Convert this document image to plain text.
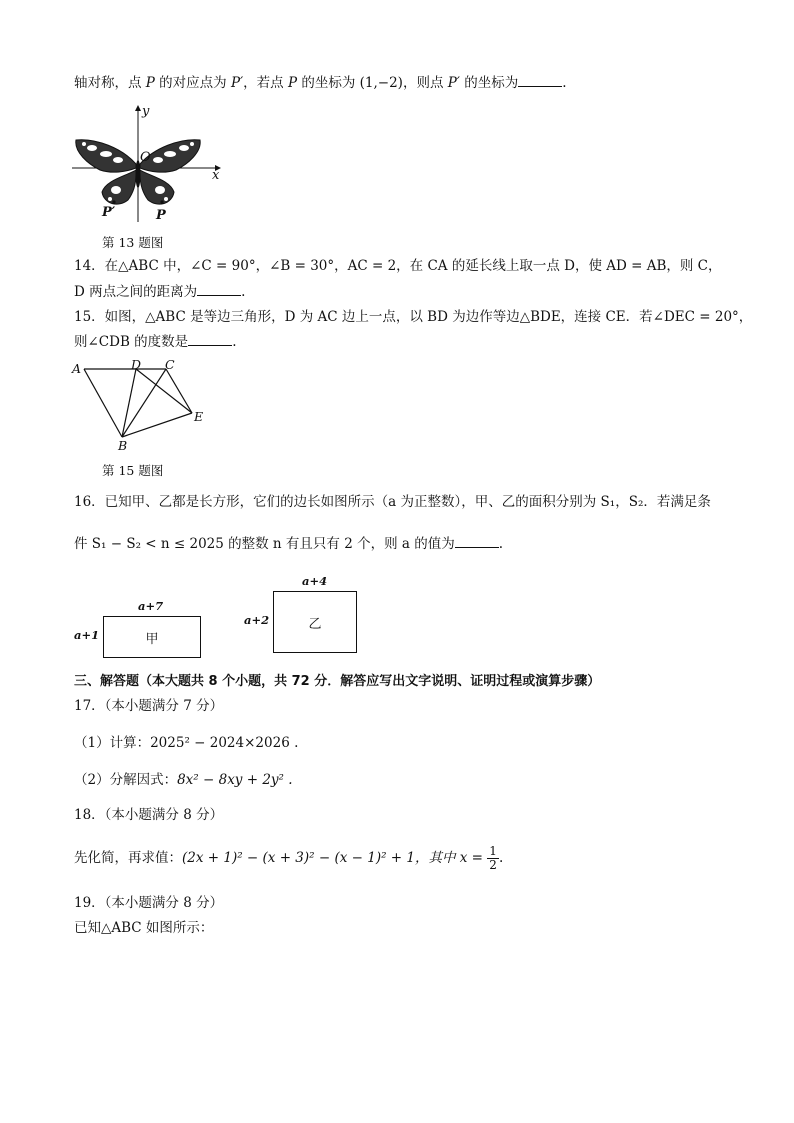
轴对称，点 P 的对应点为 P′，若点 P 的坐标为 (1,−2)，则点 P′ 的坐标为	.
y
O
x
P′	P
第 13 题图
14．在△ABC 中，∠C = 90°，∠B = 30°，AC = 2，在 CA 的延长线上取一点 D，使 AD = AB，则 C，
D 两点之间的距离为	.
15．如图，△ABC 是等边三角形，D 为 AC 边上一点，以 BD 为边作等边△BDE，连接 CE．若∠DEC = 20°，
则∠CDB 的度数是	.
A	D C
E
B
第 15 题图
16．已知甲、乙都是长方形，它们的边长如图所示（a 为正整数），甲、乙的面积分别为 S₁，S₂．若满足条
件 S₁ − S₂ < n ≤ 2025 的整数 n 有且只有 2 个，则 a 的值为	.
a+7
a+1	甲
a+4
a+2	乙
三、解答题（本大题共 8 个小题，共 72 分．解答应写出文字说明、证明过程或演算步骤）
17．（本小题满分 7 分）
（1）计算：2025² − 2024×2026 .
（2）分解因式：8x² − 8xy + 2y² .
18．（本小题满分 8 分）
先化简，再求值：(2x + 1)² − (x + 3)² − (x − 1)² + 1，其中 $x = \frac{1}{2}$ .
19．（本小题满分 8 分）
已知△ABC 如图所示：
